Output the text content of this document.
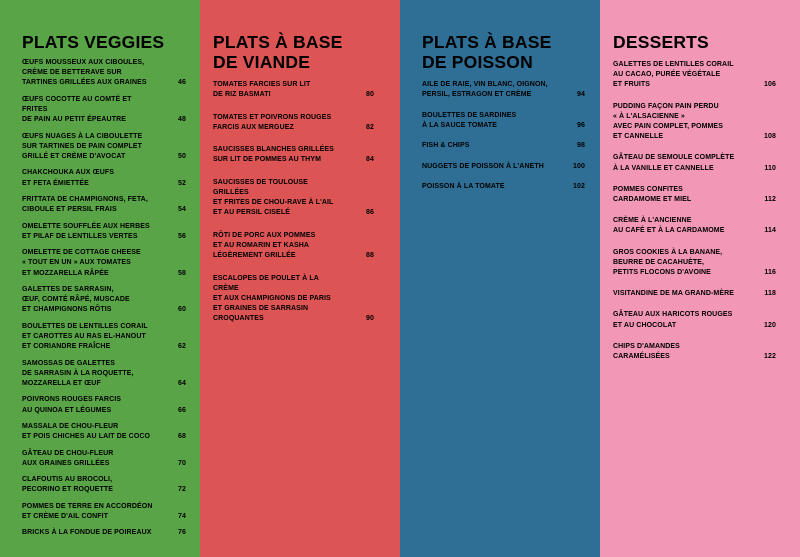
PLATS VEGGIES
ŒUFS MOUSSEUX AUX CIBOULES,
CRÈME DE BETTERAVE SUR
TARTINES GRILLÉES AUX GRAINES	46
ŒUFS COCOTTE AU COMTÉ ET FRITES
DE PAIN AU PETIT ÉPEAUTRE	48
ŒUFS NUAGES À LA CIBOULETTE
SUR TARTINES DE PAIN COMPLET
GRILLÉ ET CRÈME D'AVOCAT	50
CHAKCHOUKA AUX ŒUFS
ET FETA ÉMIETTÉE	52
FRITTATA DE CHAMPIGNONS, FETA,
CIBOULE ET PERSIL FRAIS	54
OMELETTE SOUFFLÉE AUX HERBES
ET PILAF DE LENTILLES VERTES	56
OMELETTE DE COTTAGE CHEESE
« TOUT EN UN » AUX TOMATES
ET MOZZARELLA RÂPÉE	58
GALETTES DE SARRASIN,
ŒUF, COMTÉ RÂPÉ, MUSCADE
ET CHAMPIGNONS RÔTIS	60
BOULETTES DE LENTILLES CORAIL
ET CAROTTES AU RAS EL-HANOUT
ET CORIANDRE FRAÎCHE	62
SAMOSSAS DE GALETTES
DE SARRASIN À LA ROQUETTE,
MOZZARELLA ET ŒUF	64
POIVRONS ROUGES FARCIS
AU QUINOA ET LÉGUMES	66
MASSALA DE CHOU-FLEUR
ET POIS CHICHES AU LAIT DE COCO	68
GÂTEAU DE CHOU-FLEUR
AUX GRAINES GRILLÉES	70
CLAFOUTIS AU BROCOLI,
PECORINO ET ROQUETTE	72
POMMES DE TERRE EN ACCORDÉON
ET CRÈME D'AIL CONFIT	74
BRICKS À LA FONDUE DE POIREAUX	76
PLATS À BASE
DE VIANDE
TOMATES FARCIES SUR LIT
DE RIZ BASMATI	80
TOMATES ET POIVRONS ROUGES
FARCIS AUX MERGUEZ	82
SAUCISSES BLANCHES GRILLÉES
SUR LIT DE POMMES AU THYM	84
SAUCISSES DE TOULOUSE GRILLÉES
ET FRITES DE CHOU-RAVE À L'AIL
ET AU PERSIL CISELÉ	86
RÔTI DE PORC AUX POMMES
ET AU ROMARIN ET KASHA
LÉGÈREMENT GRILLÉE	88
ESCALOPES DE POULET À LA CRÈME
ET AUX CHAMPIGNONS DE PARIS
ET GRAINES DE SARRASIN
CROQUANTES	90
PLATS À BASE
DE POISSON
AILE DE RAIE, VIN BLANC, OIGNON,
PERSIL, ESTRAGON ET CRÈME	94
BOULETTES DE SARDINES
À LA SAUCE TOMATE	96
FISH & CHIPS	98
NUGGETS DE POISSON À L'ANETH	100
POISSON À LA TOMATE	102
DESSERTS
GALETTES DE LENTILLES CORAIL
AU CACAO, PURÉE VÉGÉTALE
ET FRUITS	106
PUDDING FAÇON PAIN PERDU
« À L'ALSACIENNE »
AVEC PAIN COMPLET, POMMES
ET CANNELLE	108
GÂTEAU DE SEMOULE COMPLÈTE
À LA VANILLE ET CANNELLE	110
POMMES CONFITES
CARDAMOME ET MIEL	112
CRÈME À L'ANCIENNE
AU CAFÉ ET À LA CARDAMOME	114
GROS COOKIES À LA BANANE,
BEURRE DE CACAHUÈTE,
PETITS FLOCONS D'AVOINE	116
VISITANDINE DE MA GRAND-MÈRE	118
GÂTEAU AUX HARICOTS ROUGES
ET AU CHOCOLAT	120
CHIPS D'AMANDES
CARAMÉLISÉES	122
